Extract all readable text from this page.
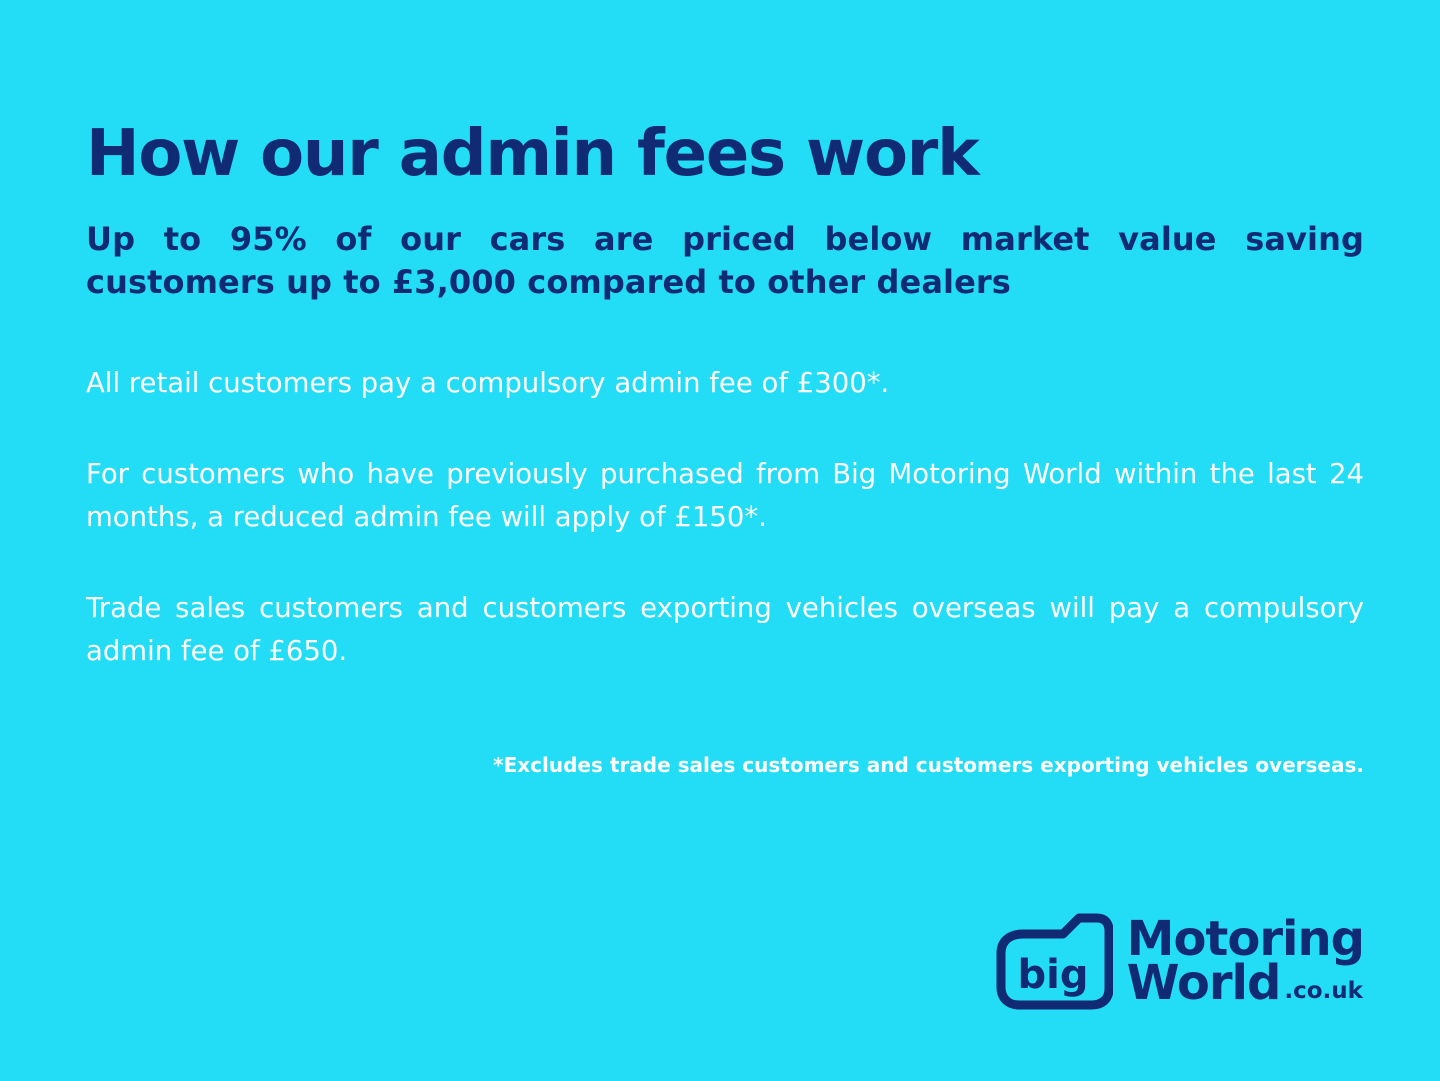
How our admin fees work

Up to 95% of our cars are priced below market value saving customers up to £3,000 compared to other dealers

All retail customers pay a compulsory admin fee of £300*.

For customers who have previously purchased from Big Motoring World within the last 24 months, a reduced admin fee will apply of £150*.

Trade sales customers and customers exporting vehicles overseas will pay a compulsory admin fee of £650.

*Excludes trade sales customers and customers exporting vehicles overseas.

big
Motoring
World .co.uk
